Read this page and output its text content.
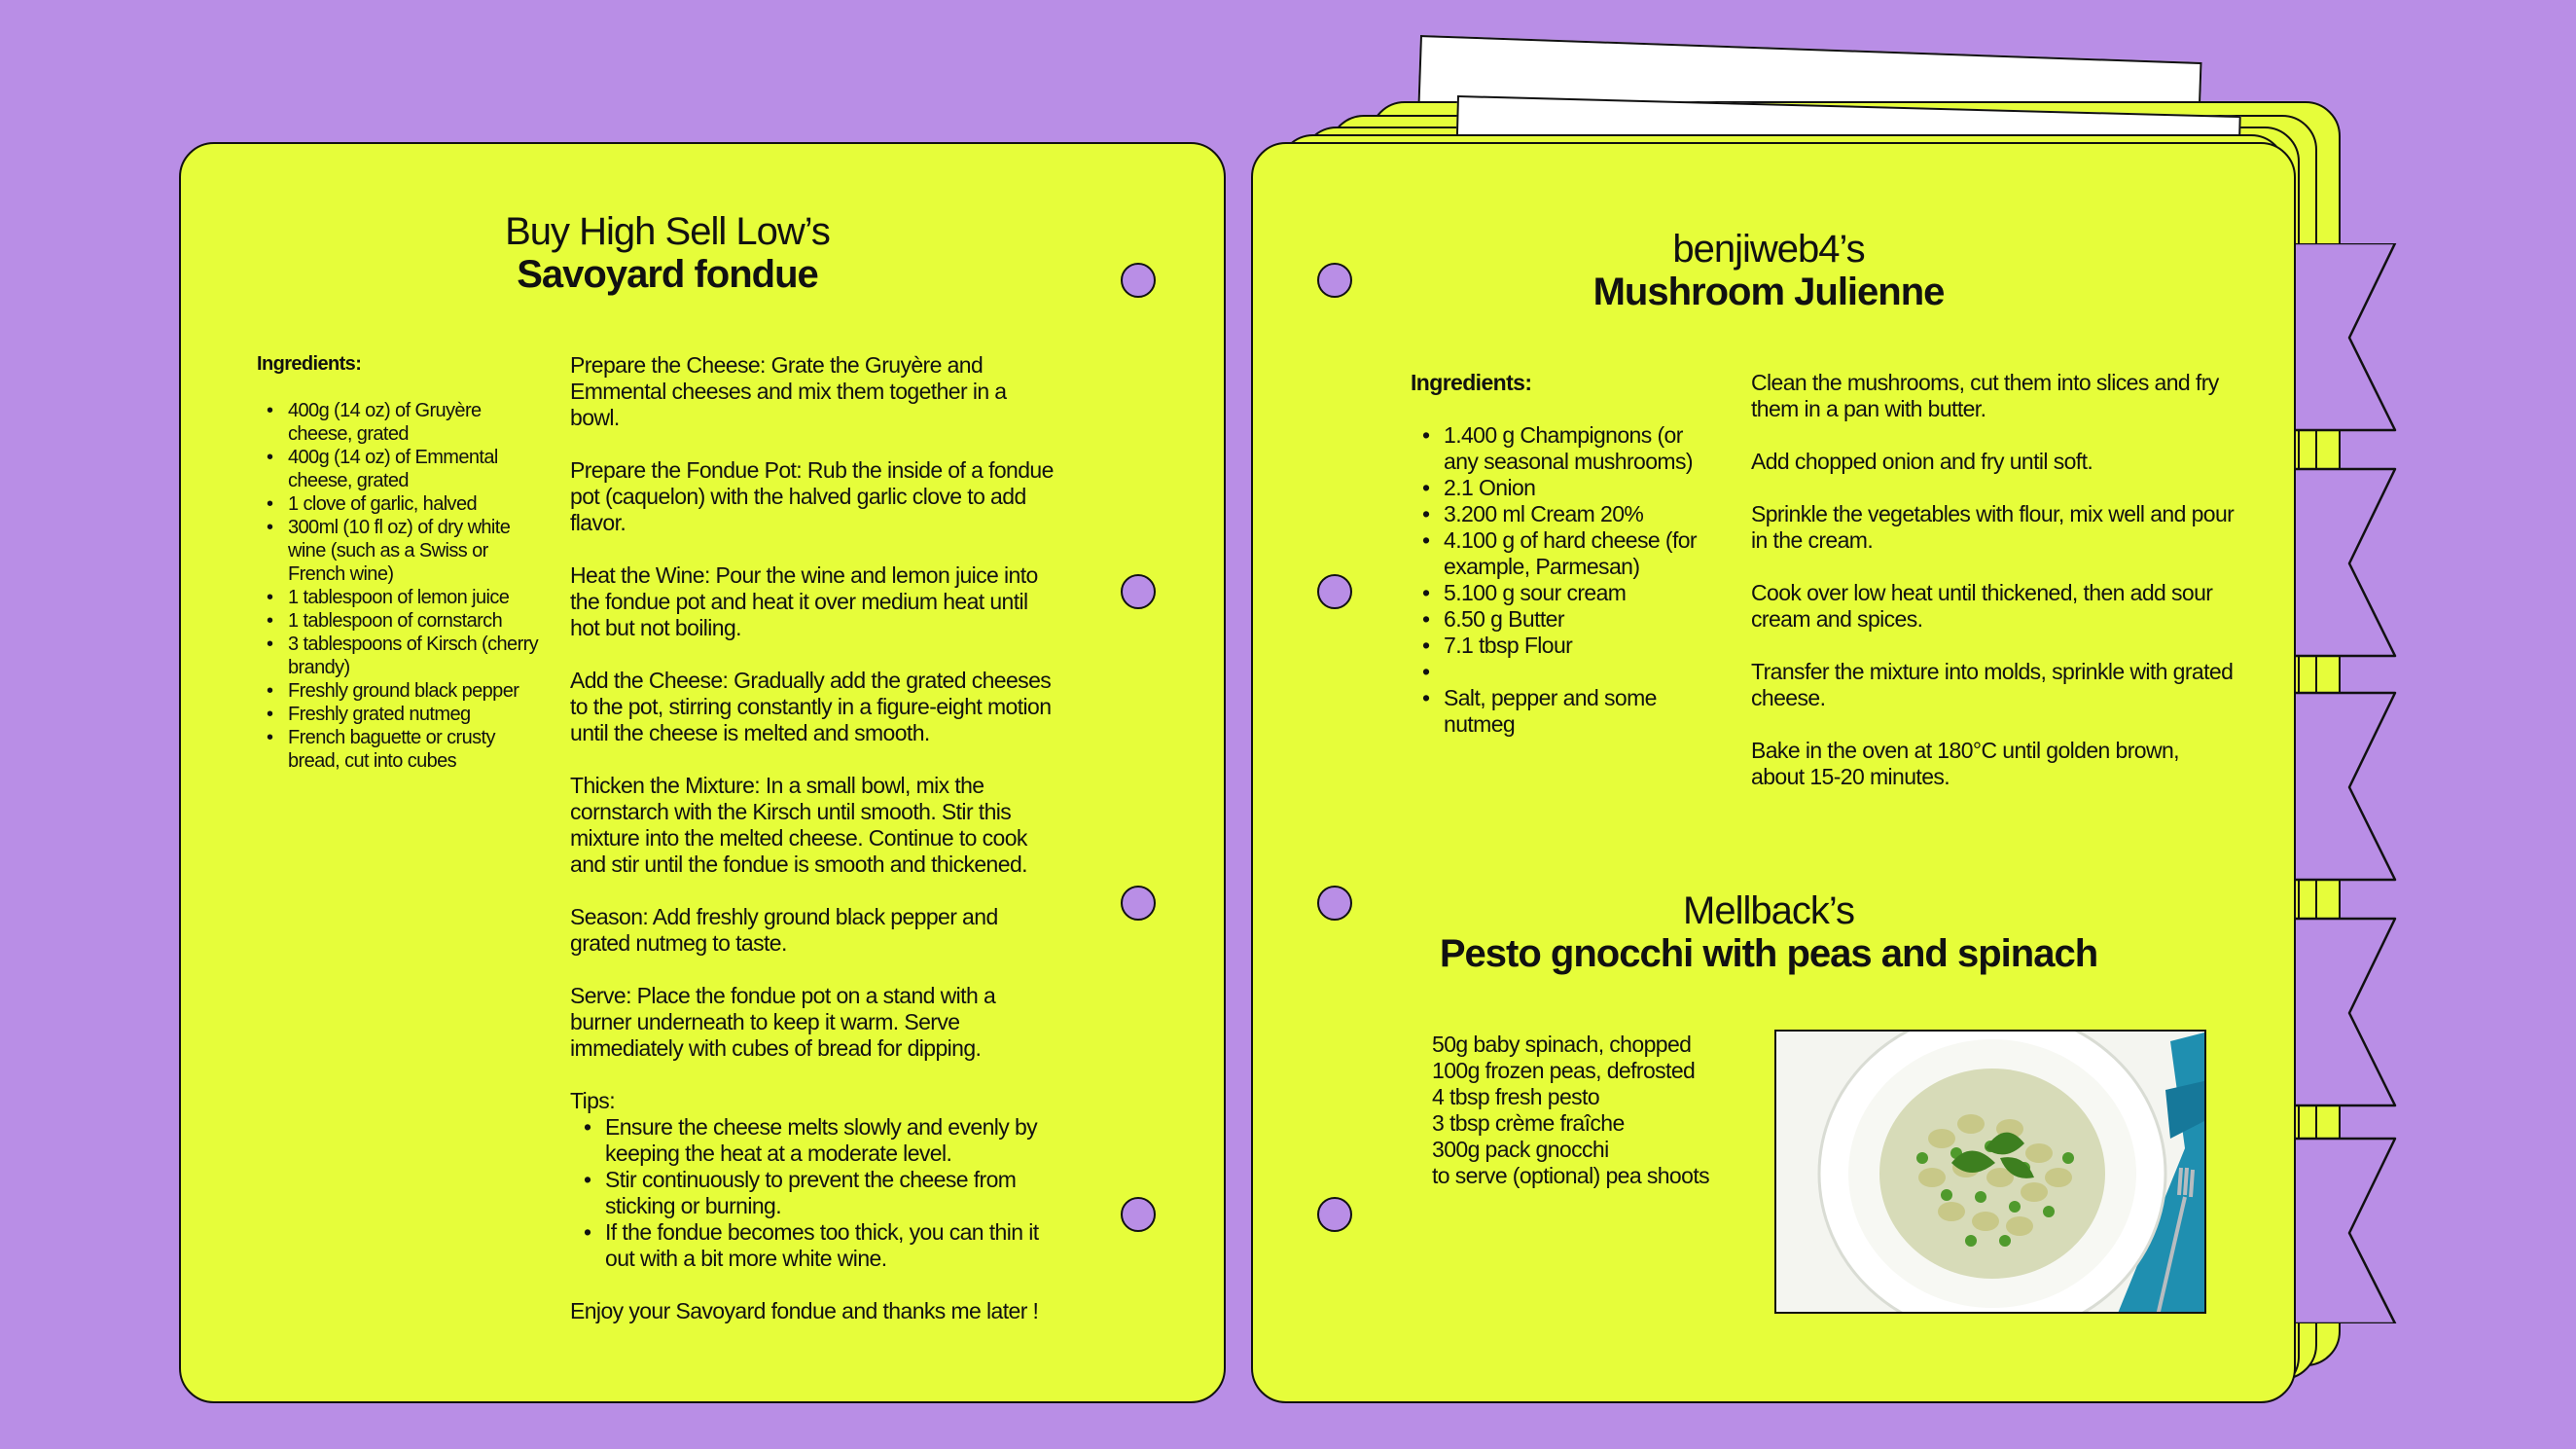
Buy High Sell Low’s
Savoyard fondue
Ingredients:
• 400g (14 oz) of Gruyère cheese, grated
• 400g (14 oz) of Emmental cheese, grated
• 1 clove of garlic, halved
• 300ml (10 fl oz) of dry white wine (such as a Swiss or French wine)
• 1 tablespoon of lemon juice
• 1 tablespoon of cornstarch
• 3 tablespoons of Kirsch (cherry brandy)
• Freshly ground black pepper
• Freshly grated nutmeg
• French baguette or crusty bread, cut into cubes
Prepare the Cheese: Grate the Gruyère and Emmental cheeses and mix them together in a bowl.
Prepare the Fondue Pot: Rub the inside of a fondue pot (caquelon) with the halved garlic clove to add flavor.
Heat the Wine: Pour the wine and lemon juice into the fondue pot and heat it over medium heat until hot but not boiling.
Add the Cheese: Gradually add the grated cheeses to the pot, stirring constantly in a figure-eight motion until the cheese is melted and smooth.
Thicken the Mixture: In a small bowl, mix the cornstarch with the Kirsch until smooth. Stir this mixture into the melted cheese. Continue to cook and stir until the fondue is smooth and thickened.
Season: Add freshly ground black pepper and grated nutmeg to taste.
Serve: Place the fondue pot on a stand with a burner underneath to keep it warm. Serve immediately with cubes of bread for dipping.
Tips:
• Ensure the cheese melts slowly and evenly by keeping the heat at a moderate level.
• Stir continuously to prevent the cheese from sticking or burning.
• If the fondue becomes too thick, you can thin it out with a bit more white wine.
Enjoy your Savoyard fondue and thanks me later !
benjiweb4’s
Mushroom Julienne
Ingredients:
• 1.400 g Champignons (or any seasonal mushrooms)
• 2.1 Onion
• 3.200 ml Cream 20%
• 4.100 g of hard cheese (for example, Parmesan)
• 5.100 g sour cream
• 6.50 g Butter
• 7.1 tbsp Flour
•
• Salt, pepper and some nutmeg
Clean the mushrooms, cut them into slices and fry them in a pan with butter.
Add chopped onion and fry until soft.
Sprinkle the vegetables with flour, mix well and pour in the cream.
Cook over low heat until thickened, then add sour cream and spices.
Transfer the mixture into molds, sprinkle with grated cheese.
Bake in the oven at 180°C until golden brown, about 15-20 minutes.
Mellback’s
Pesto gnocchi with peas and spinach
50g baby spinach, chopped
100g frozen peas, defrosted
4 tbsp fresh pesto
3 tbsp crème fraîche
300g pack gnocchi
to serve (optional) pea shoots
